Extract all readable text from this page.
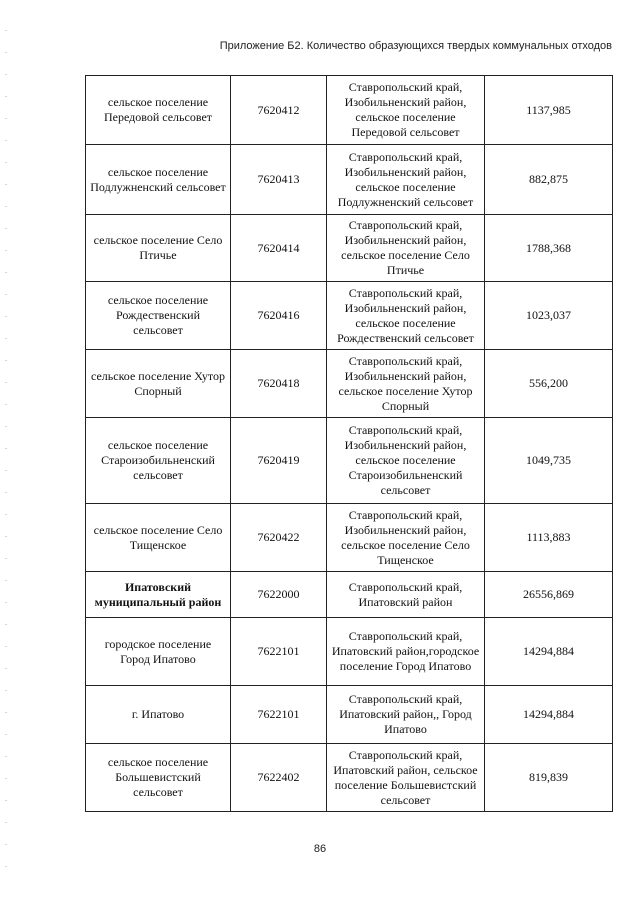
Приложение Б2. Количество образующихся твердых коммунальных отходов
сельское поселение Передовой сельсовет	7620412	Ставропольский край, Изобильненский район, сельское поселение Передовой сельсовет	1137,985
сельское поселение Подлужненский сельсовет	7620413	Ставропольский край, Изобильненский район, сельское поселение Подлужненский сельсовет	882,875
сельское поселение Село Птичье	7620414	Ставропольский край, Изобильненский район, сельское поселение Село Птичье	1788,368
сельское поселение Рождественский сельсовет	7620416	Ставропольский край, Изобильненский район, сельское поселение Рождественский сельсовет	1023,037
сельское поселение Хутор Спорный	7620418	Ставропольский край, Изобильненский район, сельское поселение Хутор Спорный	556,200
сельское поселение Староизобильненский сельсовет	7620419	Ставропольский край, Изобильненский район, сельское поселение Староизобильненский сельсовет	1049,735
сельское поселение Село Тищенское	7620422	Ставропольский край, Изобильненский район, сельское поселение Село Тищенское	1113,883
Ипатовский муниципальный район	7622000	Ставропольский край, Ипатовский район	26556,869
городское поселение Город Ипатово	7622101	Ставропольский край, Ипатовский район,городское поселение Город Ипатово	14294,884
г. Ипатово	7622101	Ставропольский край, Ипатовский район,, Город Ипатово	14294,884
сельское поселение Большевистский сельсовет	7622402	Ставропольский край, Ипатовский район, сельское поселение Большевистский сельсовет	819,839
86
